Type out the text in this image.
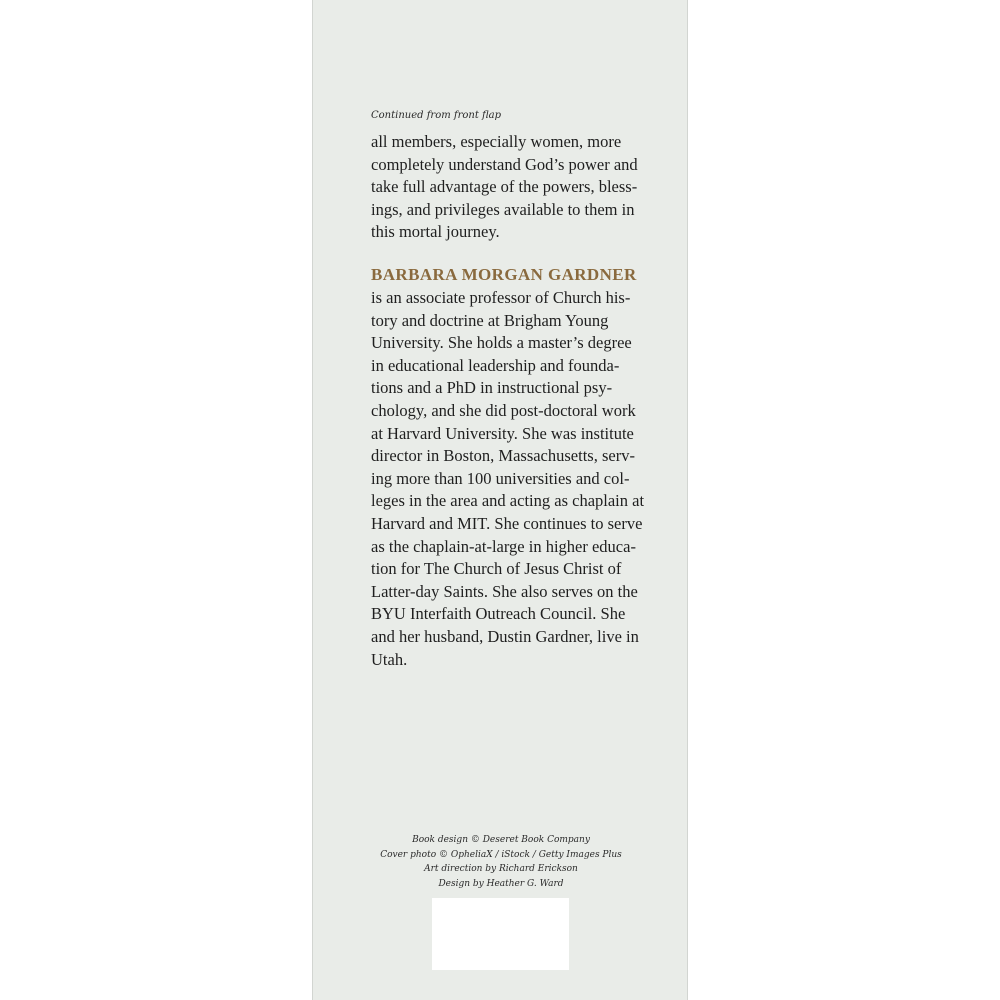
Continued from front flap

all members, especially women, more
completely understand God’s power and
take full advantage of the powers, bless-
ings, and privileges available to them in
this mortal journey.

BARBARA MORGAN GARDNER

is an associate professor of Church his-
tory and doctrine at Brigham Young
University. She holds a master’s degree
in educational leadership and founda-
tions and a PhD in instructional psy-
chology, and she did post-doctoral work
at Harvard University. She was institute
director in Boston, Massachusetts, serv-
ing more than 100 universities and col-
leges in the area and acting as chaplain at
Harvard and MIT. She continues to serve
as the chaplain-at-large in higher educa-
tion for The Church of Jesus Christ of
Latter-day Saints. She also serves on the
BYU Interfaith Outreach Council. She
and her husband, Dustin Gardner, live in
Utah.

Book design © Deseret Book Company
Cover photo © OpheliaX / iStock / Getty Images Plus
Art direction by Richard Erickson
Design by Heather G. Ward
